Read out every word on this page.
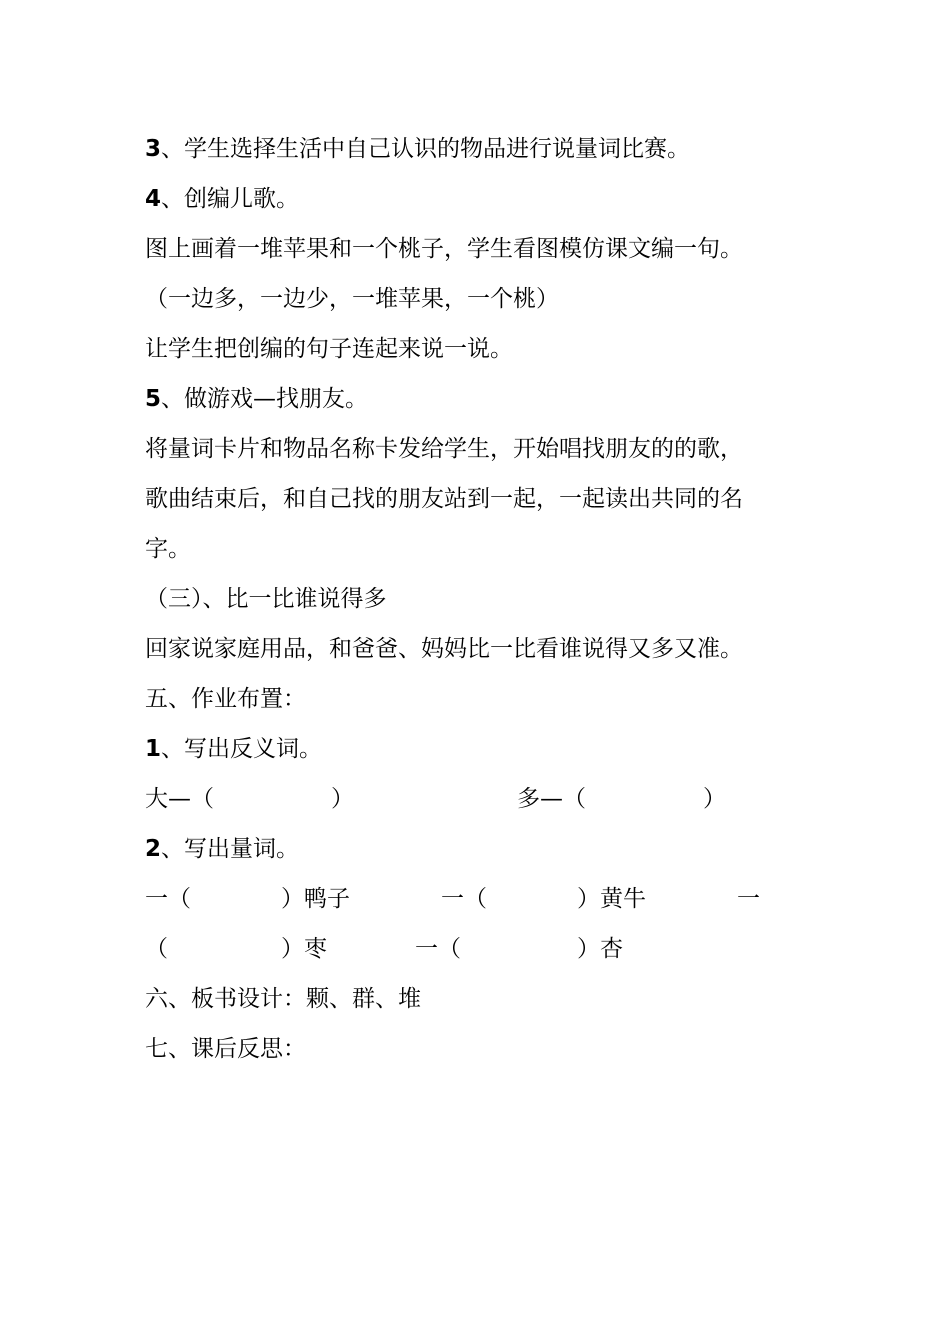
3、学生选择生活中自己认识的物品进行说量词比赛。
4、创编儿歌。
图上画着一堆苹果和一个桃子，学生看图模仿课文编一句。
（一边多，一边少，一堆苹果，一个桃）
让学生把创编的句子连起来说一说。
5、做游戏—找朋友。
将量词卡片和物品名称卡发给学生，开始唱找朋友的的歌，
歌曲结束后，和自己找的朋友站到一起，一起读出共同的名
字。
（三）、比一比谁说得多
回家说家庭用品，和爸爸、妈妈比一比看谁说得又多又准。
五、作业布置：
1、写出反义词。
大—（	）	多—（	）
2、写出量词。
一（	）鸭子	一（	）黄牛	一
（	）枣	一（	）杏
六、板书设计：颗、群、堆
七、课后反思：
